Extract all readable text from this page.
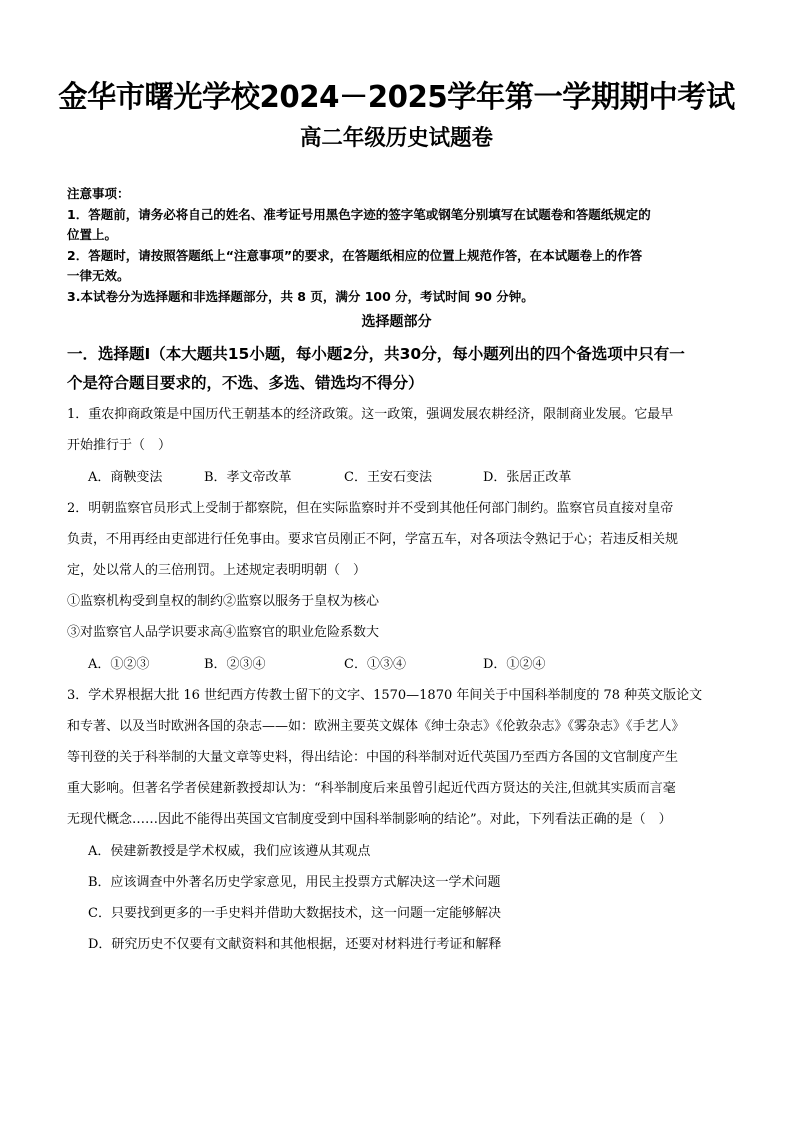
金华市曙光学校2024－2025学年第一学期期中考试
高二年级历史试题卷
注意事项：
1．答题前，请务必将自己的姓名、准考证号用黑色字迹的签字笔或钢笔分别填写在试题卷和答题纸规定的
位置上。
2．答题时，请按照答题纸上“注意事项”的要求，在答题纸相应的位置上规范作答，在本试题卷上的作答
一律无效。
3.本试卷分为选择题和非选择题部分，共 8 页，满分 100 分，考试时间 90 分钟。
选择题部分
一．选择题Ⅰ（本大题共15小题，每小题2分，共30分，每小题列出的四个备选项中只有一
个是符合题目要求的，不选、多选、错选均不得分）
1．重农抑商政策是中国历代王朝基本的经济政策。这一政策，强调发展农耕经济，限制商业发展。它最早
开始推行于（　）
A．商鞅变法	B．孝文帝改革	C．王安石变法	D．张居正改革
2．明朝监察官员形式上受制于都察院，但在实际监察时并不受到其他任何部门制约。监察官员直接对皇帝
负责，不用再经由吏部进行任免事由。要求官员刚正不阿，学富五车，对各项法令熟记于心；若违反相关规
定，处以常人的三倍刑罚。上述规定表明明朝（　）
①监察机构受到皇权的制约②监察以服务于皇权为核心
③对监察官人品学识要求高④监察官的职业危险系数大
A．①②③	B．②③④	C．①③④	D．①②④
3．学术界根据大批 16 世纪西方传教士留下的文字、1570—1870 年间关于中国科举制度的 78 种英文版论文
和专著、以及当时欧洲各国的杂志——如：欧洲主要英文媒体《绅士杂志》《伦敦杂志》《雾杂志》《手艺人》
等刊登的关于科举制的大量文章等史料，得出结论：中国的科举制对近代英国乃至西方各国的文官制度产生
重大影响。但著名学者侯建新教授却认为：“科举制度后来虽曾引起近代西方贤达的关注,但就其实质而言毫
无现代概念……因此不能得出英国文官制度受到中国科举制影响的结论”。对此，下列看法正确的是（　）
A．侯建新教授是学术权威，我们应该遵从其观点
B．应该调查中外著名历史学家意见，用民主投票方式解决这一学术问题
C．只要找到更多的一手史料并借助大数据技术，这一问题一定能够解决
D．研究历史不仅要有文献资料和其他根据，还要对材料进行考证和解释
